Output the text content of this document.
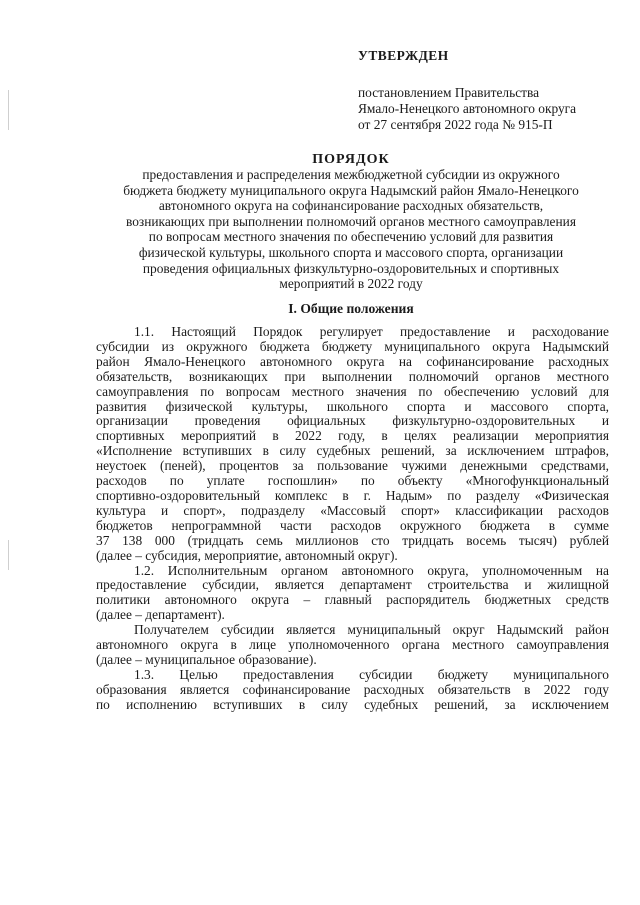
УТВЕРЖДЕН
постановлением Правительства
Ямало-Ненецкого автономного округа
от 27 сентября 2022 года № 915-П
ПОРЯДОК
предоставления и распределения межбюджетной субсидии из окружного
бюджета бюджету муниципального округа Надымский район Ямало-Ненецкого
автономного округа на софинансирование расходных обязательств,
возникающих при выполнении полномочий органов местного самоуправления
по вопросам местного значения по обеспечению условий для развития
физической культуры, школьного спорта и массового спорта, организации
проведения официальных физкультурно-оздоровительных и спортивных
мероприятий в 2022 году
I. Общие положения
1.1. Настоящий Порядок регулирует предоставление и расходование
субсидии из окружного бюджета бюджету муниципального округа Надымский
район Ямало-Ненецкого автономного округа на софинансирование расходных
обязательств, возникающих при выполнении полномочий органов местного
самоуправления по вопросам местного значения по обеспечению условий для
развития физической культуры, школьного спорта и массового спорта,
организации проведения официальных физкультурно-оздоровительных и
спортивных мероприятий в 2022 году, в целях реализации мероприятия
«Исполнение вступивших в силу судебных решений, за исключением штрафов,
неустоек (пеней), процентов за пользование чужими денежными средствами,
расходов по уплате госпошлин» по объекту «Многофункциональный
спортивно-оздоровительный комплекс в г. Надым» по разделу «Физическая
культура и спорт», подразделу «Массовый спорт» классификации расходов
бюджетов непрограммной части расходов окружного бюджета в сумме
37 138 000 (тридцать семь миллионов сто тридцать восемь тысяч) рублей
(далее – субсидия, мероприятие, автономный округ).
1.2. Исполнительным органом автономного округа, уполномоченным на
предоставление субсидии, является департамент строительства и жилищной
политики автономного округа – главный распорядитель бюджетных средств
(далее – департамент).
Получателем субсидии является муниципальный округ Надымский район
автономного округа в лице уполномоченного органа местного самоуправления
(далее – муниципальное образование).
1.3. Целью предоставления субсидии бюджету муниципального
образования является софинансирование расходных обязательств в 2022 году
по исполнению вступивших в силу судебных решений, за исключением
